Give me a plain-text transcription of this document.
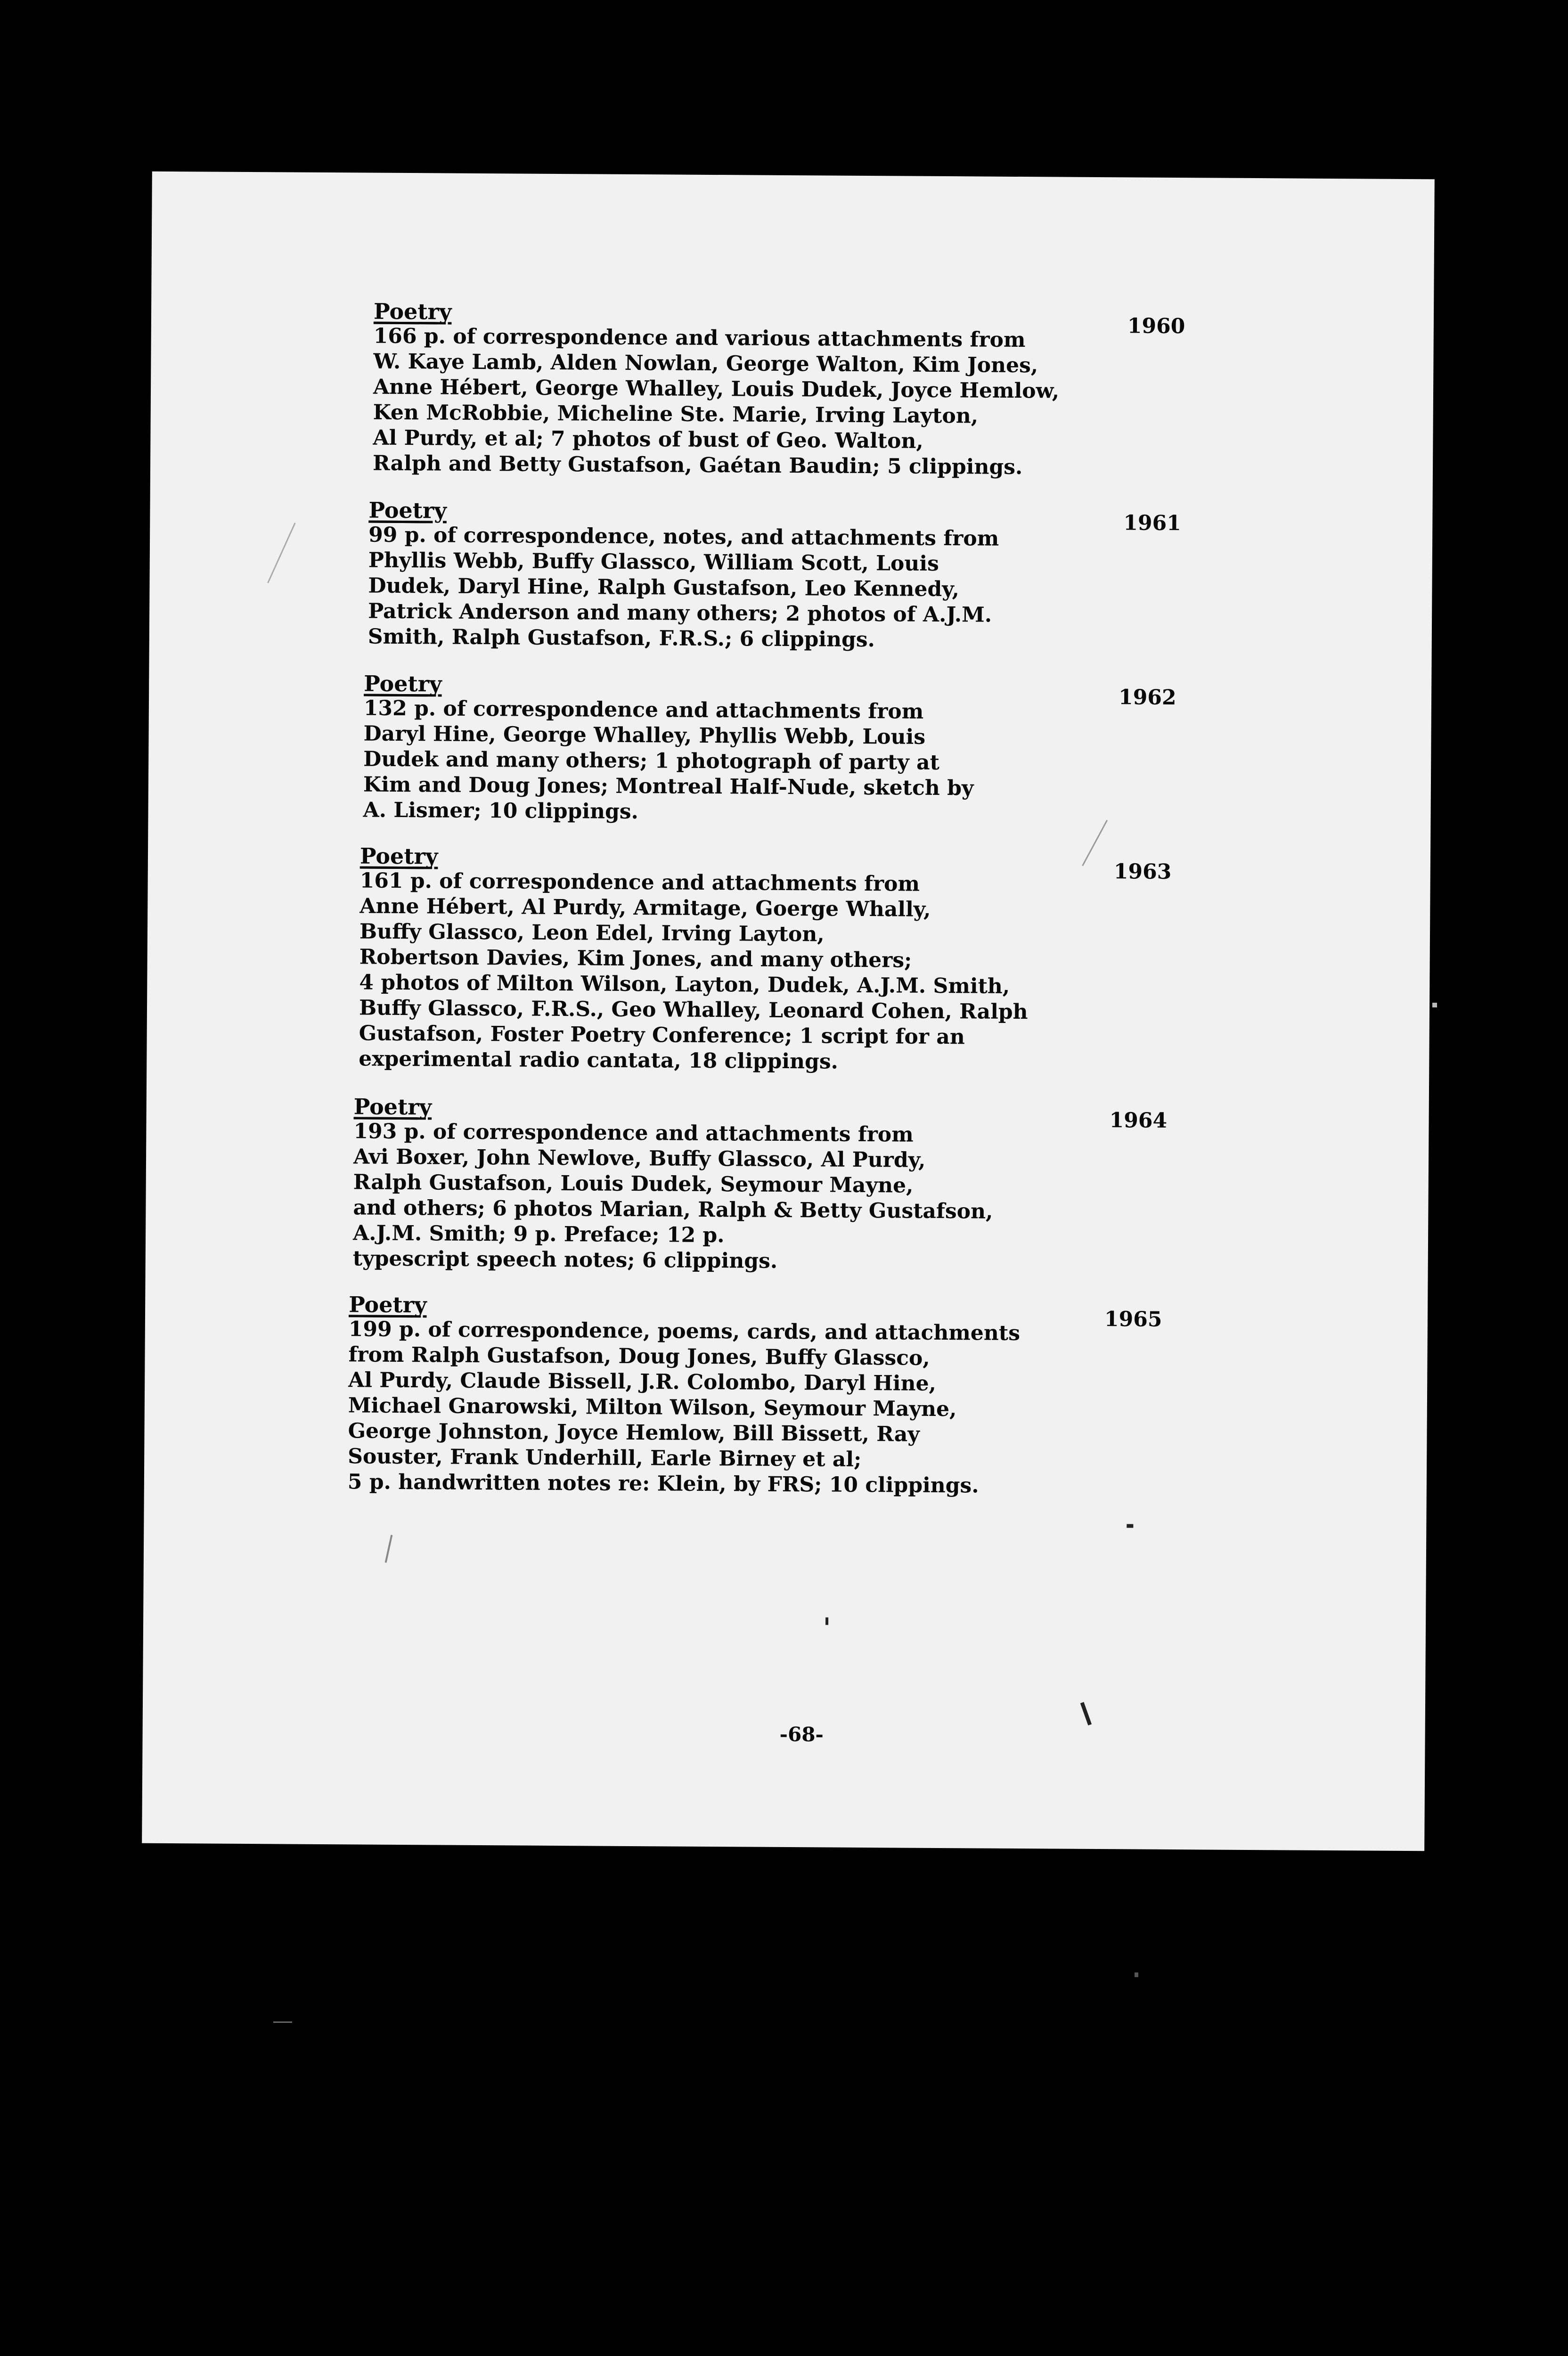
Poetry

166 p. of correspondence and various attachments from
W. Kaye Lamb, Alden Nowlan, George Walton, Kim Jones,
Anne Hébert, George Whalley, Louis Dudek, Joyce Hemlow,
Ken McRobbie, Micheline Ste. Marie, Irving Layton,
Al Purdy, et al; 7 photos of bust of Geo. Walton,
Ralph and Betty Gustafson, Gaétan Baudin; 5 clippings.

1960

Poetry

99 p. of correspondence, notes, and attachments from
Phyllis Webb, Buffy Glassco, William Scott, Louis
Dudek, Daryl Hine, Ralph Gustafson, Leo Kennedy,
Patrick Anderson and many others; 2 photos of A.J.M.
Smith, Ralph Gustafson, F.R.S.; 6 clippings.

1961

Poetry

132 p. of correspondence and attachments from
Daryl Hine, George Whalley, Phyllis Webb, Louis
Dudek and many others; 1 photograph of party at
Kim and Doug Jones; Montreal Half-Nude, sketch by
A. Lismer; 10 clippings.

1962

Poetry

161 p. of correspondence and attachments from
Anne Hébert, Al Purdy, Armitage, Goerge Whally,
Buffy Glassco, Leon Edel, Irving Layton,
Robertson Davies, Kim Jones, and many others;
4 photos of Milton Wilson, Layton, Dudek, A.J.M. Smith,
Buffy Glassco, F.R.S., Geo Whalley, Leonard Cohen, Ralph
Gustafson, Foster Poetry Conference; 1 script for an
experimental radio cantata, 18 clippings.

1963

Poetry

193 p. of correspondence and attachments from
Avi Boxer, John Newlove, Buffy Glassco, Al Purdy,
Ralph Gustafson, Louis Dudek, Seymour Mayne,
and others; 6 photos Marian, Ralph & Betty Gustafson,
A.J.M. Smith; 9 p. Preface; 12 p.
typescript speech notes; 6 clippings.

1964

Poetry

199 p. of correspondence, poems, cards, and attachments
from Ralph Gustafson, Doug Jones, Buffy Glassco,
Al Purdy, Claude Bissell, J.R. Colombo, Daryl Hine,
Michael Gnarowski, Milton Wilson, Seymour Mayne,
George Johnston, Joyce Hemlow, Bill Bissett, Ray
Souster, Frank Underhill, Earle Birney et al;
5 p. handwritten notes re: Klein, by FRS; 10 clippings.

1965
-68-
